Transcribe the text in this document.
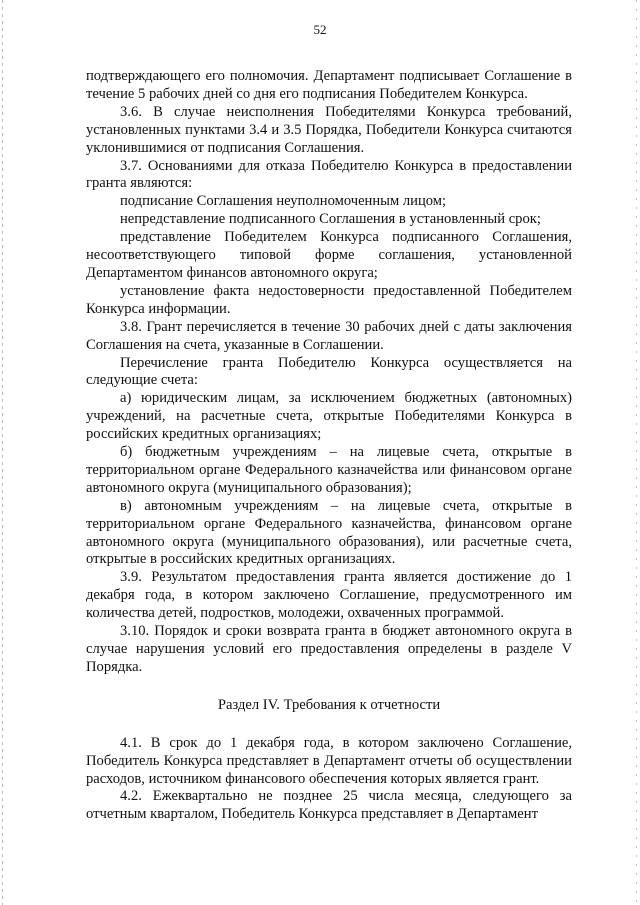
52

подтверждающего его полномочия. Департамент подписывает Соглашение в течение 5 рабочих дней со дня его подписания Победителем Конкурса.

3.6. В случае неисполнения Победителями Конкурса требований, установленных пунктами 3.4 и 3.5 Порядка, Победители Конкурса считаются уклонившимися от подписания Соглашения.

3.7. Основаниями для отказа Победителю Конкурса в предоставлении гранта являются:

подписание Соглашения неуполномоченным лицом;

непредставление подписанного Соглашения в установленный срок;

представление Победителем Конкурса подписанного Соглашения, несоответствующего типовой форме соглашения, установленной Департаментом финансов автономного округа;

установление факта недостоверности предоставленной Победителем Конкурса информации.

3.8. Грант перечисляется в течение 30 рабочих дней с даты заключения Соглашения на счета, указанные в Соглашении.

Перечисление гранта Победителю Конкурса осуществляется на следующие счета:

а) юридическим лицам, за исключением бюджетных (автономных) учреждений, на расчетные счета, открытые Победителями Конкурса в российских кредитных организациях;

б) бюджетным учреждениям – на лицевые счета, открытые в территориальном органе Федерального казначейства или финансовом органе автономного округа (муниципального образования);

в) автономным учреждениям – на лицевые счета, открытые в территориальном органе Федерального казначейства, финансовом органе автономного округа (муниципального образования), или расчетные счета, открытые в российских кредитных организациях.

3.9. Результатом предоставления гранта является достижение до 1 декабря года, в котором заключено Соглашение, предусмотренного им количества детей, подростков, молодежи, охваченных программой.

3.10. Порядок и сроки возврата гранта в бюджет автономного округа в случае нарушения условий его предоставления определены в разделе V Порядка.

Раздел IV. Требования к отчетности

4.1. В срок до 1 декабря года, в котором заключено Соглашение, Победитель Конкурса представляет в Департамент отчеты об осуществлении расходов, источником финансового обеспечения которых является грант.

4.2. Ежеквартально не позднее 25 числа месяца, следующего за отчетным кварталом, Победитель Конкурса представляет в Департамент
